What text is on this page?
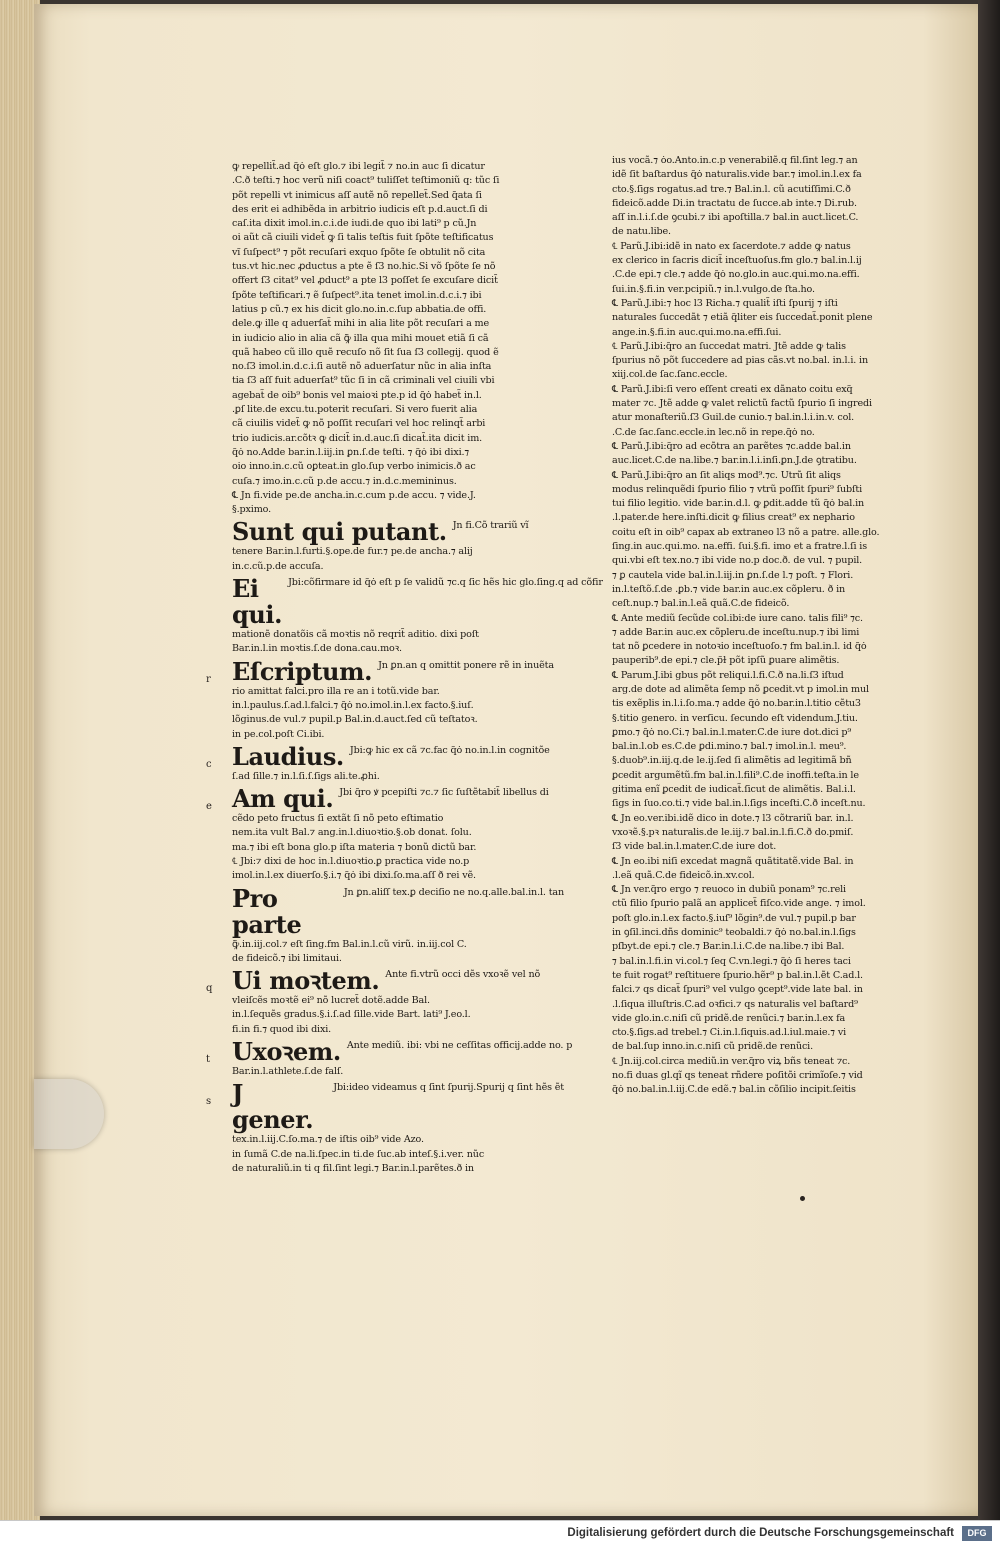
ꝙ repellit̃.ad q̃ȯ eſt glo.⁊ ibi legit̃ ⁊ no.in auc ſi dicatur
.C.ð teſti.⁊ hoc verũ niſi coact⁹ tuliſſet teſtimoniũ q: tũc ſi
põt repelli vt inimicus aſſ autẽ nõ repellet̃.Sed q̃ata ſi
des erit ei adhibẽda in arbitrio iudicis eſt p.d.auct.ſi di
caſ.ita dixit imol.in.c.i.de iudi.de quo ibi lati⁹ p cũ.Jn
oi aũt cã ciuili videt̃ ꝙ ſi talis teſtis fuit ſpõte teſtificatus
vı̃ ſuſpect⁹ ⁊ põt recuſari exquo ſpõte ſe obtulit nõ cita
tus.vt hic.nec ꝓductus a pte ẽ ſ3 no.hic.Si võ ſpõte ſe nõ
offert ſ3 citat⁹ vel ꝓduct⁹ a pte l3 poſſet ſe excuſare dicit̃
ſpõte teſtificari.⁊ ẽ ſuſpect⁹.ita tenet imol.in.d.c.i.⁊ ibi
latius p cũ.⁊ ex his dicit glo.no.in.c.ſup abbatia.de offi.
dele.ꝙ ille q aduerſat̃ mihi in alia lite põt recuſari a me
in iudicio alio in alia cã ꝙ̃ illa qua mihi mouet etiã ſi cã
quã habeo cũ illo quẽ recuſo nõ ſit ſua ſ3 collegij. quod ẽ
no.ſ3 imol.in.d.c.i.ſi autẽ nõ aduerſatur nũc in alia inſta
tia ſ3 aſſ fuit aduerſat⁹ tũc ſi in cã criminali vel ciuili vbi
agebat̃ de oib⁹ bonis vel maioꝛi pte.p id q̃ȯ habet̃ in.l.
.ꝑſ lite.de excu.tu.poterit recuſari. Si vero fuerit alia
cã ciuilis videt̃ ꝙ nõ poſſit recuſari vel hoc relinqt̃ arbi
trio iudicis.ar.cõtꝛ ꝙ dicit̃ in.d.auc.ſi dicat̃.ita dicit im.
q̃ȯ no.Adde bar.in.l.iij.in ꝑn.ſ.de teſti. ⁊ q̃ȯ ibi dixi.⁊
oio inno.in.c.cũ oꝑteat.in glo.ſup verbo inimicis.ð ac
cuſa.⁊ imo.in.c.cũ p.de accu.⁊ in.d.c.memininus.
℄ Jn fi.vide pe.de ancha.in.c.cum p.de accu. ⁊ vide.J.
§.pximo.
Sunt qui putant. Jn fi.Cõ trariũ vĩ
tenere Bar.in.l.furti.§.ope.de fur.⁊ pe.de ancha.⁊ alij
in.c.cũ.p.de accuſa.
Ei qui.
Jbi:cõfirmare id q̃ȯ eſt p ſe validũ ⁊c.q ſic hẽs hic glo.ſing.q ad cõfir
mationẽ donatõis cã moꝛtis nõ reqrit̃ aditio. dixi poſt
Bar.in.l.in moꝛtis.ſ.de dona.cau.moꝛ.
r Eſcriptum. Jn ꝑn.an q omittit ponere rẽ in inuẽta
rio amittat falci.pro illa re an i totũ.vide bar.
in.l.paulus.ſ.ad.l.falci.⁊ q̃ȯ no.imol.in.l.ex facto.§.iuſ.
lõginus.de vul.⁊ pupil.p Bal.in.d.auct.ſed cũ teſtatoꝛ.
in pe.col.poſt Ci.ibi.
c Laudius. Jbi:ꝙ hic ex cã ⁊c.fac q̃ȯ no.in.l.in cognitõe
ſ.ad ſille.⁊ in.l.ſi.ſ.ſigs ali.te.ꝓhi.
e Am qui. Jbi q̃ro ꝟ pcepiſti ⁊c.⁊ ſic ſuſtẽtabit̃ libellus di
cẽdo peto fructus ſi extãt ſi nõ peto eſtimatio
nem.ita vult Bal.⁊ ang.in.l.diuoꝛtio.§.ob donat. ſolu.
ma.⁊ ibi eſt bona glo.p iſta materia ⁊ bonũ dictũ bar.
℄ Jbi:⁊ dixi de hoc in.l.diuoꝛtio.ꝑ practica vide no.p
imol.in.l.ex diuerſo.§.i.⁊ q̃ȯ ibi dixi.ſo.ma.aſſ ð rei vẽ.
Pro parte
Jn ꝑn.aliſſ tex.ꝑ deciſio ne no.q.alle.bal.in.l. tan
ꝙ̃.in.iij.col.⁊ eſt ſing.fm Bal.in.l.cũ virũ. in.iij.col C.
de fideicõ.⁊ ibi limitaui.
q Ui moꝛtem. Ante fi.vtrũ occi dẽs vxoꝛẽ vel nõ
vleiſcẽs moꝛtẽ ei⁹ nõ lucret̃ dotẽ.adde Bal.
in.l.ſequẽs gradus.§.i.ſ.ad ſille.vide Bart. lati⁹ J.eo.l.
fi.in fi.⁊ quod ibi dixi.
t Uxoꝛem. Ante mediũ. ibi: vbi ne ceſſitas officij.adde no. p
Bar.in.l.athlete.ſ.de falſ.
s J gener.
Jbi:ideo videamus q ſint ſpurij.Spurij q ſint hẽs ẽt
tex.in.l.iij.C.ſo.ma.⁊ de iſtis oib⁹ vide Azo.
in ſumã C.de na.li.ſpec.in ti.de ſuc.ab inteſ.§.i.ver. nũc
de naturaliũ.in ti q fil.ſint legi.⁊ Bar.in.l.parẽtes.ð in
ius vocã.⁊ ȯo.Anto.in.c.p venerabilẽ.q fil.ſint leg.⁊ an
idẽ ſit baſtardus q̃ȯ naturalis.vide bar.⁊ imol.in.l.ex fa
cto.§.ſigs rogatus.ad tre.⁊ Bal.in.l. cũ acutiſſimi.C.ð
fideicõ.adde Di.in tractatu de ſucce.ab inte.⁊ Di.rub.
aſſ in.l.i.ſ.de ꝯcubi.⁊ ibi apoſtilla.⁊ bal.in auct.licet.C.
de natu.libe.
℄ Parũ.J.ibi:idẽ in nato ex ſacerdote.⁊ adde ꝙ natus
ex clerico in ſacris dicit̃ inceſtuoſus.fm glo.⁊ bal.in.l.ij
.C.de epi.⁊ cle.⁊ adde q̃ȯ no.glo.in auc.qui.mo.na.effi.
ſui.in.§.fi.in ver.pcipiũ.⁊ in.l.vulgo.de ſta.ho.
℄ Parũ.J.ibi:⁊ hoc l3 Richa.⁊ qualit̃ iſti ſpurij ⁊ iſti
naturales ſuccedãt ⁊ etiã q̃liter eis ſuccedat̃.ponit plene
ange.in.§.fi.in auc.qui.mo.na.effi.ſui.
℄ Parũ.J.ibi:q̃ro an ſuccedat matri. Jtẽ adde ꝙ talis
ſpurius nõ põt ſuccedere ad pias cãs.vt no.bal. in.l.i. in
xiij.col.de ſac.ſanc.eccle.
℄ Parũ.J.ibi:ſi vero eſſent creati ex dãnato coitu exq̃
mater ⁊c. Jtẽ adde ꝙ valet relictũ factũ ſpurio ſi ingredi
atur monaſteriũ.ſ3 Guil.de cunio.⁊ bal.in.l.i.in.v. col.
.C.de ſac.ſanc.eccle.in lec.nõ in repe.q̃ȯ no.
℄ Parũ.J.ibi:q̃ro ad ecõtra an parẽtes ⁊c.adde bal.in
auc.licet.C.de na.libe.⁊ bar.in.l.i.inſi.ꝑn.J.de ꝯtratibu.
℄ Parũ.J.ibi:q̃ro an ſit aliqs mod⁹.⁊c. Utrũ ſit aliqs
modus relinquẽdi ſpurio filio ⁊ vtrũ poſſit ſpuri⁹ ſubſti
tui filio legitio. vide bar.in.d.l. ꝙ ꝑdit.adde tũ q̃ȯ bal.in
.l.pater.de here.inſti.dicit ꝙ filius creat⁹ ex nephario
coitu eſt in oib⁹ capax ab extraneo l3 nõ a patre. alle.glo.
ſing.in auc.qui.mo. na.effi. ſui.§.fi. imo et a fratre.l.ſi is
qui.vbi eſt tex.no.⁊ ibi vide no.p doc.ð. de vul. ⁊ pupil.
⁊ ꝑ cautela vide bal.in.l.iij.in ꝑn.ſ.de l.⁊ poſt. ⁊ Flori.
in.l.teſtõ.ſ.de .ꝑb.⁊ vide bar.in auc.ex cõpleru. ð in
ceſt.nup.⁊ bal.in.l.eã quã.C.de fideicõ.
℄ Ante mediũ ſecũde col.ibi:de iure cano. talis fili⁹ ⁊c.
⁊ adde Bar.in auc.ex cõpleru.de inceſtu.nup.⁊ ibi limi
tat nõ ꝑcedere in notoꝛio inceſtuoſo.⁊ fm bal.in.l. id q̃ȯ
pauperib⁹.de epi.⁊ cle.p̃ɫ põt ipſũ ꝑuare alimẽtis.
℄ Parum.J.ibi gbus põt reliqui.l.fi.C.ð na.li.ſ3 iſtud
arg.de dote ad alimẽta ſemp nõ ꝑcedit.vt p imol.in mul
tis exẽplis in.l.i.ſo.ma.⁊ adde q̃ȯ no.bar.in.l.titio cẽtu3
§.titio genero. in verſicu. ſecundo eſt videndum.J.tiu.
ꝑmo.⁊ q̃ȯ no.Ci.⁊ bal.in.l.mater.C.de iure dot.dici p⁹
bal.in.l.ob es.C.de ꝑdi.mino.⁊ bal.⁊ imol.in.l. meu⁹.
§.duob⁹.in.iij.q.de le.ij.ſed ſi alimẽtis ad legitimã bñ
ꝑcedit argumẽtũ.fm bal.in.l.fili⁹.C.de inoffi.teſta.in le
gitima enĩ ꝑcedit de iudicat̃.ſicut de alimẽtis. Bal.i.l.
ſigs in ſuo.co.ti.⁊ vide bal.in.l.ſigs inceſti.C.ð inceſt.nu.
℄ Jn eo.ver.ibi.idẽ dico in dote.⁊ l3 cõtrariũ bar. in.l.
vxoꝛẽ.§.pꝛ naturalis.de le.iij.⁊ bal.in.l.fi.C.ð do.pmiſ.
ſ3 vide bal.in.l.mater.C.de iure dot.
℄ Jn eo.ibi niſi excedat magnã quãtitatẽ.vide Bal. in
.l.eã quã.C.de fideicõ.in.xv.col.
℄ Jn ver.q̃ro ergo ⁊ reuoco in dubiũ ponam⁹ ⁊c.reli
ctũ filio ſpurio palã an applicet̃ fiſco.vide ange. ⁊ imol.
poſt glo.in.l.ex facto.§.iuſ⁹ lõgin⁹.de vul.⁊ pupil.p bar
in ꝯſil.inci.dñs dominic⁹ teobaldi.⁊ q̃ȯ no.bal.in.l.ſigs
pſbyt.de epi.⁊ cle.⁊ Bar.in.l.i.C.de na.libe.⁊ ibi Bal.
⁊ bal.in.l.fi.in vi.col.⁊ ſeq C.vn.legi.⁊ q̃ȯ ſi heres taci
te fuit rogat⁹ reſtituere ſpurio.hẽr⁹ p bal.in.l.ẽt C.ad.l.
falci.⁊ qs dicat̃ ſpuri⁹ vel vulgo ꝯcept⁹.vide late bal. in
.l.ſiqua illuſtris.C.ad oꝛfici.⁊ qs naturalis vel baſtard⁹
vide glo.in.c.niſi cũ pridẽ.de renũci.⁊ bar.in.l.ex fa
cto.§.ſigs.ad trebel.⁊ Ci.in.l.ſiquis.ad.l.iul.maie.⁊ vi
de bal.ſup inno.in.c.niſi cũ pridẽ.de renũci.
℄ Jn.iij.col.circa mediũ.in ver.q̃ro viꝝ bñs teneat ⁊c.
no.fi duas gl.qĩ qs teneat rñdere poſitõi crimĩoſe.⁊ vid
q̃ȯ no.bal.in.l.iij.C.de edẽ.⁊ bal.in cõſilio incipit.ſeitis
Digitalisierung gefördert durch die Deutsche Forschungsgemeinschaft	DFG
